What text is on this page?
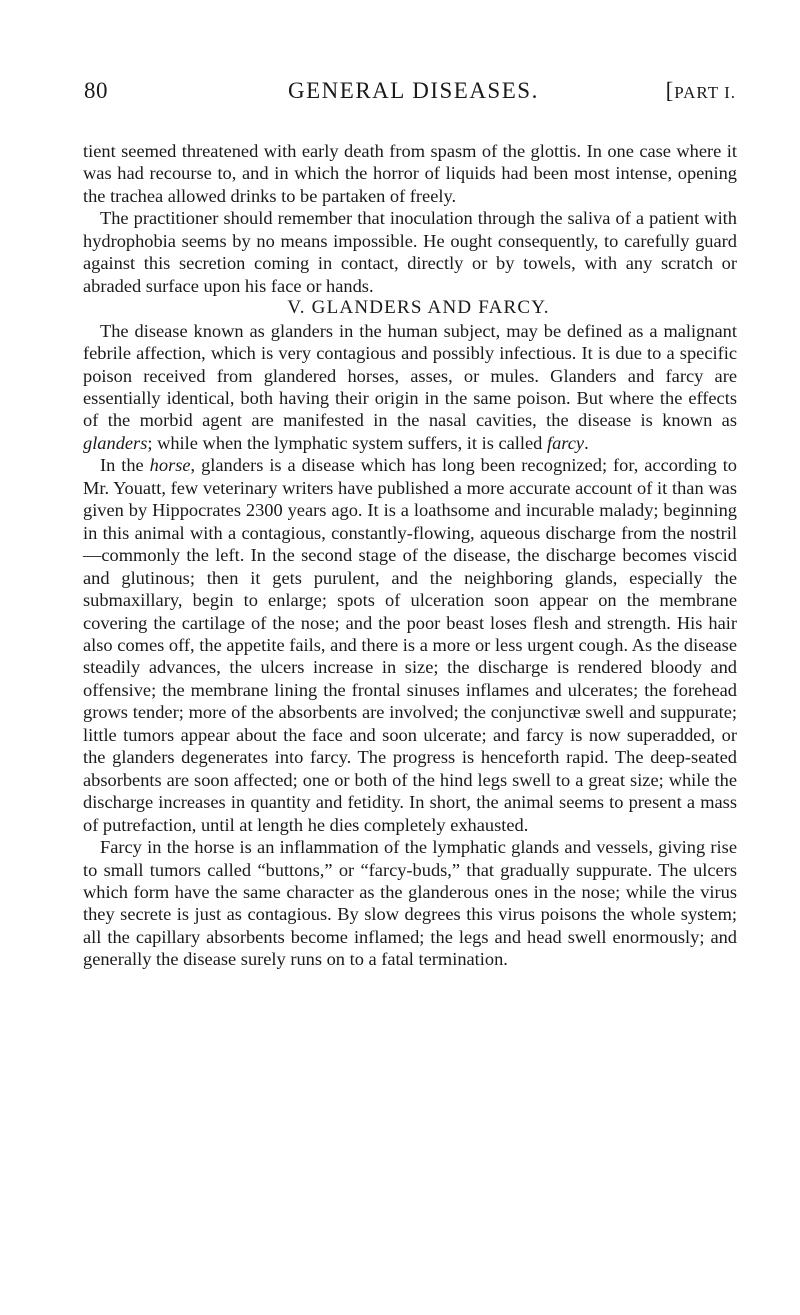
80	GENERAL DISEASES.	[PART I.

tient seemed threatened with early death from spasm of the glottis. In one case where it was had recourse to, and in which the horror of liquids had been most intense, opening the trachea allowed drinks to be partaken of freely.

The practitioner should remember that inoculation through the saliva of a patient with hydrophobia seems by no means impossible. He ought consequently, to carefully guard against this secretion coming in contact, directly or by towels, with any scratch or abraded surface upon his face or hands.

V. GLANDERS AND FARCY.

The disease known as glanders in the human subject, may be defined as a malignant febrile affection, which is very contagious and possibly infectious. It is due to a specific poison received from glandered horses, asses, or mules. Glanders and farcy are essentially identical, both having their origin in the same poison. But where the effects of the morbid agent are manifested in the nasal cavities, the disease is known as glanders; while when the lymphatic system suffers, it is called farcy.

In the horse, glanders is a disease which has long been recognized; for, according to Mr. Youatt, few veterinary writers have published a more accurate account of it than was given by Hippocrates 2300 years ago. It is a loathsome and incurable malady; beginning in this animal with a contagious, constantly-flowing, aqueous discharge from the nostril —commonly the left. In the second stage of the disease, the discharge becomes viscid and glutinous; then it gets purulent, and the neighboring glands, especially the submaxillary, begin to enlarge; spots of ulceration soon appear on the membrane covering the cartilage of the nose; and the poor beast loses flesh and strength. His hair also comes off, the appetite fails, and there is a more or less urgent cough. As the disease steadily advances, the ulcers increase in size; the discharge is rendered bloody and offensive; the membrane lining the frontal sinuses inflames and ulcerates; the forehead grows tender; more of the absorbents are involved; the conjunctivæ swell and suppurate; little tumors appear about the face and soon ulcerate; and farcy is now superadded, or the glanders degenerates into farcy. The progress is henceforth rapid. The deep-seated absorbents are soon affected; one or both of the hind legs swell to a great size; while the discharge increases in quantity and fetidity. In short, the animal seems to present a mass of putrefaction, until at length he dies completely exhausted.

Farcy in the horse is an inflammation of the lymphatic glands and vessels, giving rise to small tumors called “buttons,” or “farcy-buds,” that gradually suppurate. The ulcers which form have the same character as the glanderous ones in the nose; while the virus they secrete is just as contagious. By slow degrees this virus poisons the whole system; all the capillary absorbents become inflamed; the legs and head swell enormously; and generally the disease surely runs on to a fatal termination.
